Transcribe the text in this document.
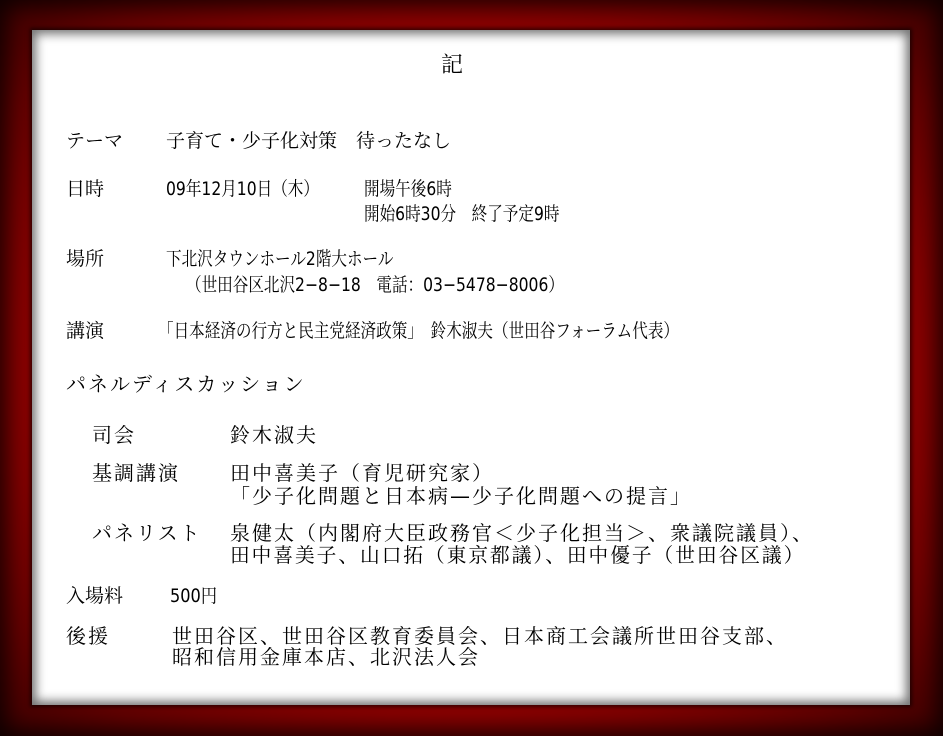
記
テーマ 子育て・少子化対策　待ったなし
日時	09年12月10日（木） 開場午後6時
開始6時30分　終了予定9時
場所	下北沢タウンホール2階大ホール
（世田谷区北沢2−8−18　電話：03−5478−8006）
講演	「日本経済の行方と民主党経済政策」　鈴木淑夫（世田谷フォーラム代表）
パネルディスカッション
司会	鈴木淑夫
基調講演	田中喜美子（育児研究家）
「少子化問題と日本病—少子化問題への提言」
パネリスト 泉健太（内閣府大臣政務官＜少子化担当＞、衆議院議員）、
田中喜美子、山口拓（東京都議）、田中優子（世田谷区議）
入場料 500円
後援	世田谷区、世田谷区教育委員会、日本商工会議所世田谷支部、
昭和信用金庫本店、北沢法人会
